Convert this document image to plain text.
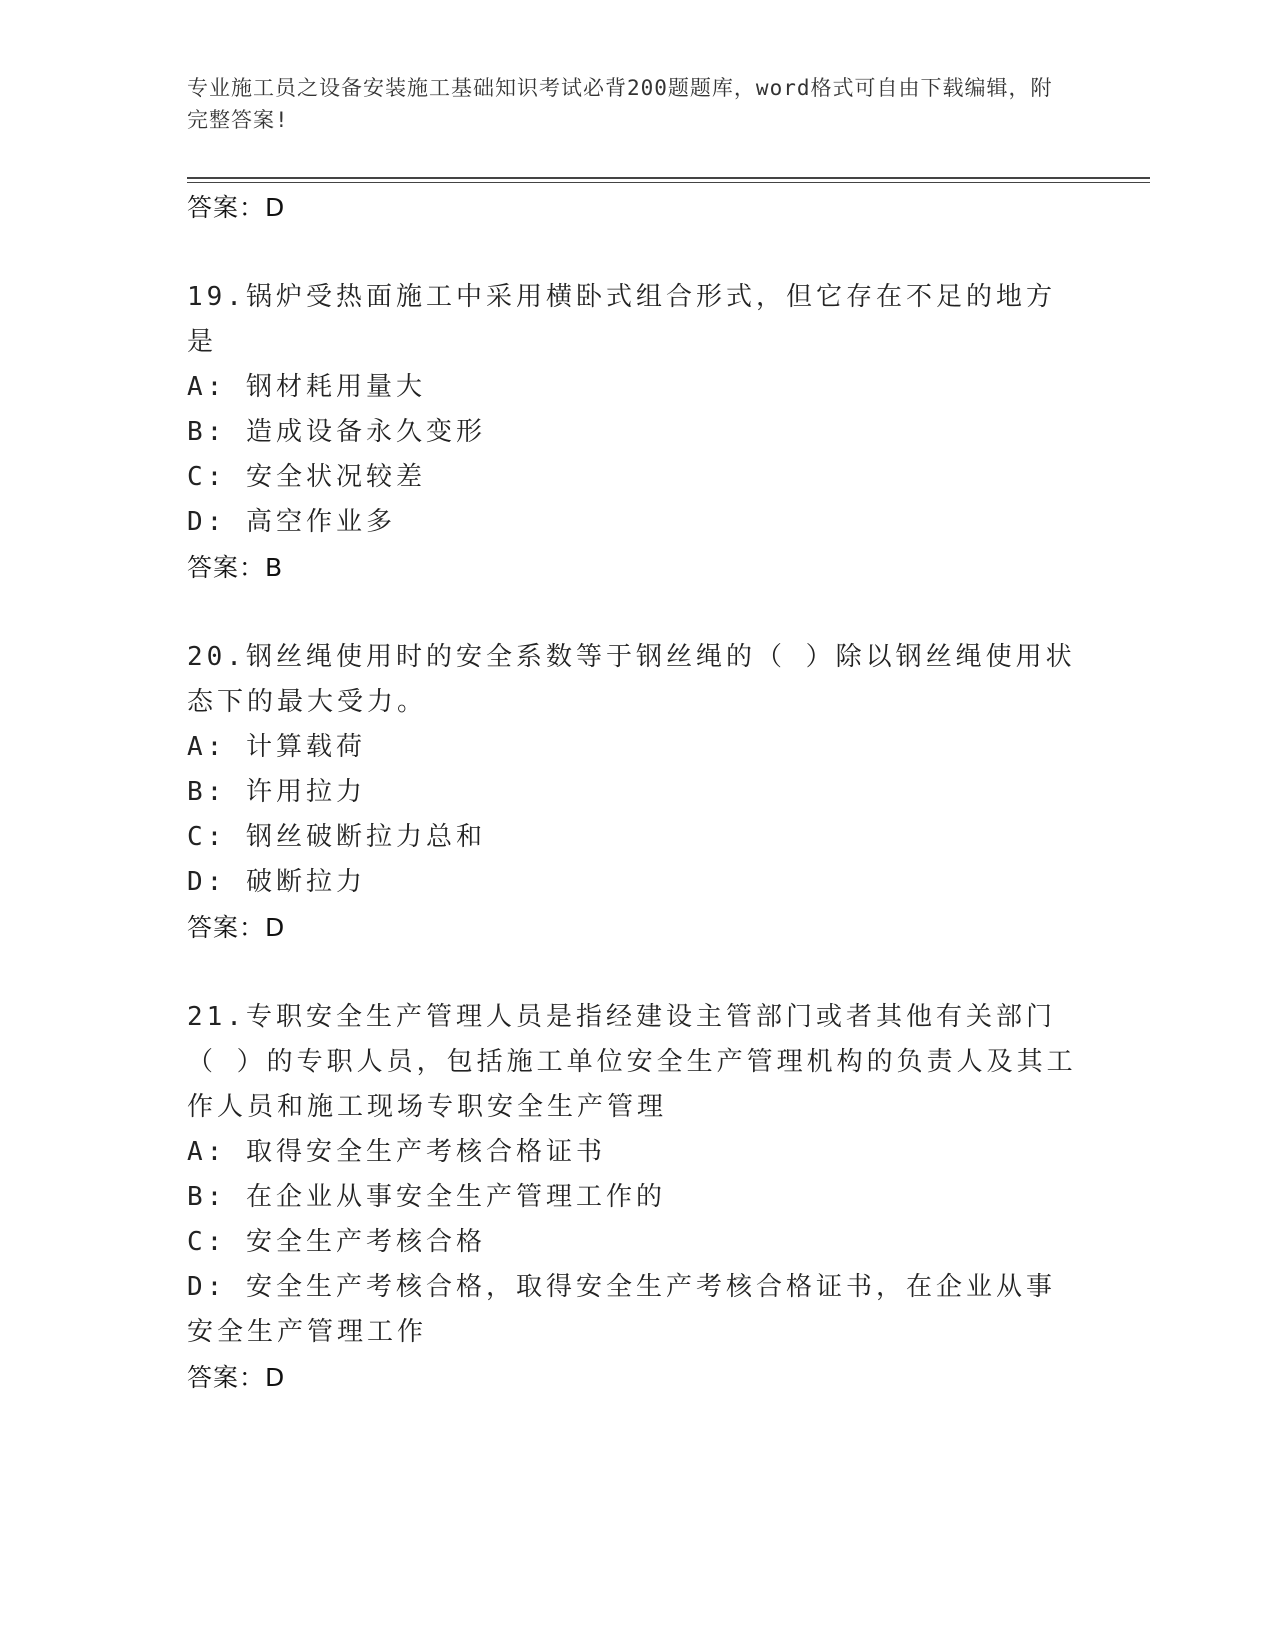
专业施工员之设备安装施工基础知识考试必背200题题库，word格式可自由下载编辑，附完整答案!
答案：D
19.锅炉受热面施工中采用横卧式组合形式，但它存在不足的地方是
A: 钢材耗用量大
B: 造成设备永久变形
C: 安全状况较差
D: 高空作业多
答案：B
20.钢丝绳使用时的安全系数等于钢丝绳的（ ）除以钢丝绳使用状态下的最大受力。
A: 计算载荷
B: 许用拉力
C: 钢丝破断拉力总和
D: 破断拉力
答案：D
21.专职安全生产管理人员是指经建设主管部门或者其他有关部门（ ）的专职人员，包括施工单位安全生产管理机构的负责人及其工作人员和施工现场专职安全生产管理
A: 取得安全生产考核合格证书
B: 在企业从事安全生产管理工作的
C: 安全生产考核合格
D: 安全生产考核合格，取得安全生产考核合格证书，在企业从事安全生产管理工作
答案：D
